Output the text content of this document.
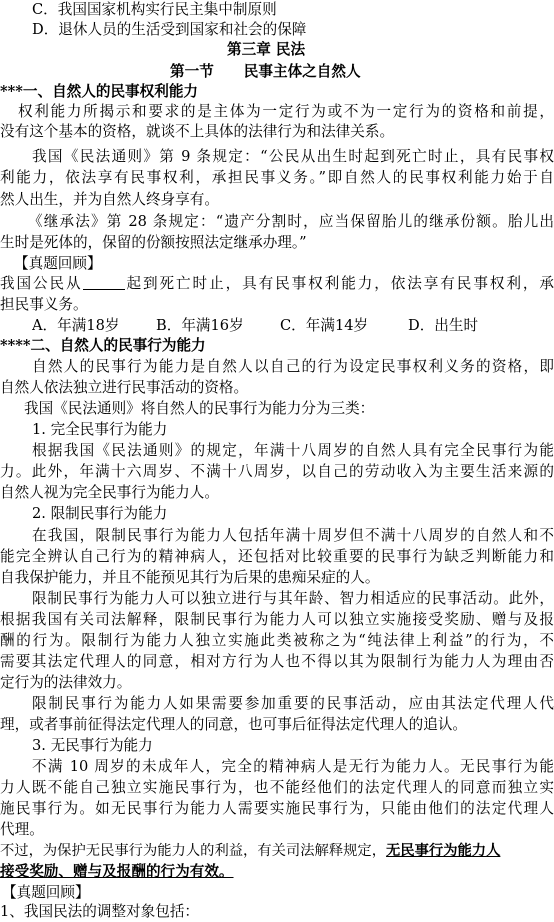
C．我国国家机构实行民主集中制原则
D．退休人员的生活受到国家和社会的保障
第三章 民法
第一节 民事主体之自然人
***一、自然人的民事权利能力
权利能力所揭示和要求的是主体为一定行为或不为一定行为的资格和前提，
没有这个基本的资格，就谈不上具体的法律行为和法律关系。
我国《民法通则》第 9 条规定：“公民从出生时起到死亡时止，具有民事权
利能力，依法享有民事权利，承担民事义务。”即自然人的民事权利能力始于自
然人出生，并为自然人终身享有。
《继承法》第 28 条规定：“遗产分割时，应当保留胎儿的继承份额。胎儿出
生时是死体的，保留的份额按照法定继承办理。”
【真题回顾】
我国公民从	起到死亡时止，具有民事权利能力，依法享有民事权利，承
担民事义务。
A．年满18岁	B．年满16岁	C．年满14岁	D．出生时
****二、自然人的民事行为能力
自然人的民事行为能力是自然人以自己的行为设定民事权利义务的资格，即
自然人依法独立进行民事活动的资格。
我国《民法通则》将自然人的民事行为能力分为三类：
1. 完全民事行为能力
根据我国《民法通则》的规定，年满十八周岁的自然人具有完全民事行为能
力。此外，年满十六周岁、不满十八周岁，以自己的劳动收入为主要生活来源的
自然人视为完全民事行为能力人。
2. 限制民事行为能力
在我国，限制民事行为能力人包括年满十周岁但不满十八周岁的自然人和不
能完全辨认自己行为的精神病人，还包括对比较重要的民事行为缺乏判断能力和
自我保护能力，并且不能预见其行为后果的患痴呆症的人。
限制民事行为能力人可以独立进行与其年龄、智力相适应的民事活动。此外，
根据我国有关司法解释，限制民事行为能力人可以独立实施接受奖励、赠与及报
酬的行为。限制行为能力人独立实施此类被称之为“纯法律上利益”的行为，不
需要其法定代理人的同意，相对方行为人也不得以其为限制行为能力人为理由否
定行为的法律效力。
限制民事行为能力人如果需要参加重要的民事活动，应由其法定代理人代
理，或者事前征得法定代理人的同意，也可事后征得法定代理人的追认。
3. 无民事行为能力
不满 10 周岁的未成年人，完全的精神病人是无行为能力人。无民事行为能
力人既不能自己独立实施民事行为，也不能经他们的法定代理人的同意而独立实
施民事行为。如无民事行为能力人需要实施民事行为，只能由他们的法定代理人
代理。
不过，为保护无民事行为能力人的利益，有关司法解释规定，无民事行为能力人
接受奖励、赠与及报酬的行为有效。
【真题回顾】
1、我国民法的调整对象包括：
